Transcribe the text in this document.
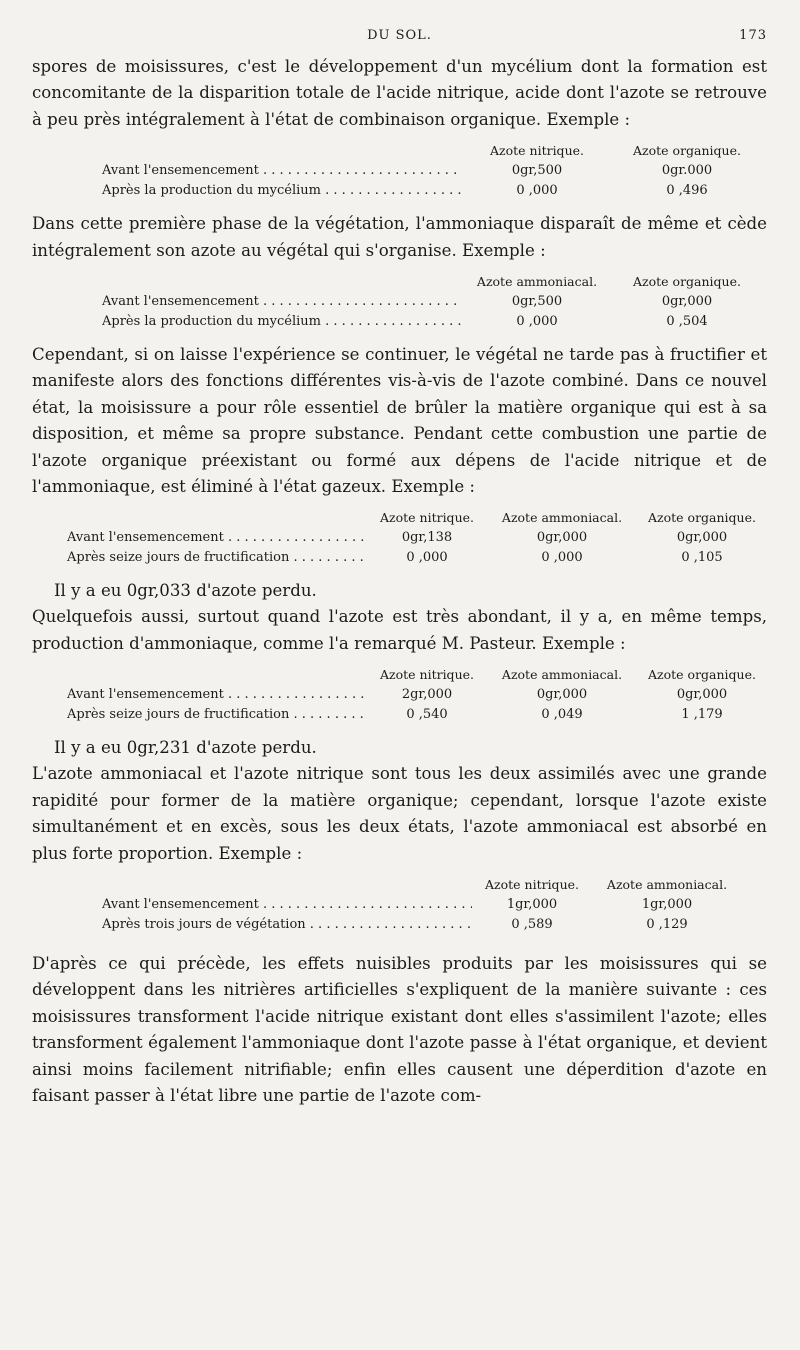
DU SOL.	173

spores de moisissures, c'est le développement d'un mycélium dont la formation est concomitante de la disparition totale de l'acide nitrique, acide dont l'azote se retrouve à peu près intégralement à l'état de combinaison organique. Exemple :

	Azote nitrique.	Azote organique.

Avant l'ensemencement . . .	0gr,500	0gr.000

Après la production du mycélium . . .	0 ,000	0 ,496

Dans cette première phase de la végétation, l'ammoniaque disparaît de même et cède intégralement son azote au végétal qui s'organise. Exemple :

	Azote ammoniacal.	Azote organique.

Avant l'ensemencement . . .	0gr,500	0gr,000

Après la production du mycélium . . .	0 ,000	0 ,504

Cependant, si on laisse l'expérience se continuer, le végétal ne tarde pas à fructifier et manifeste alors des fonctions différentes vis-à-vis de l'azote combiné. Dans ce nouvel état, la moisissure a pour rôle essentiel de brûler la matière organique qui est à sa disposition, et même sa propre substance. Pendant cette combustion une partie de l'azote organique préexistant ou formé aux dépens de l'acide nitrique et de l'ammoniaque, est éliminé à l'état gazeux. Exemple :

	Azote nitrique.	Azote ammoniacal.	Azote organique.

Avant l'ensemencement . . .	0gr,138	0gr,000	0gr,000

Après seize jours de fructification . . .	0 ,000	0 ,000	0 ,105

Il y a eu 0gr,033 d'azote perdu.

Quelquefois aussi, surtout quand l'azote est très abondant, il y a, en même temps, production d'ammoniaque, comme l'a remarqué M. Pasteur. Exemple :

	Azote nitrique.	Azote ammoniacal.	Azote organique.

Avant l'ensemencement . . .	2gr,000	0gr,000	0gr,000

Après seize jours de fructification . . .	0 ,540	0 ,049	1 ,179

Il y a eu 0gr,231 d'azote perdu.

L'azote ammoniacal et l'azote nitrique sont tous les deux assimilés avec une grande rapidité pour former de la matière organique; cependant, lorsque l'azote existe simultanément et en excès, sous les deux états, l'azote ammoniacal est absorbé en plus forte proportion. Exemple :

	Azote nitrique.	Azote ammoniacal.

Avant l'ensemencement . . .	1gr,000	1gr,000

Après trois jours de végétation . . .	0 ,589	0 ,129

D'après ce qui précède, les effets nuisibles produits par les moisissures qui se développent dans les nitrières artificielles s'expliquent de la manière suivante : ces moisissures transforment l'acide nitrique existant dont elles s'assimilent l'azote; elles transforment également l'ammoniaque dont l'azote passe à l'état organique, et devient ainsi moins facilement nitrifiable; enfin elles causent une déperdition d'azote en faisant passer à l'état libre une partie de l'azote com-
